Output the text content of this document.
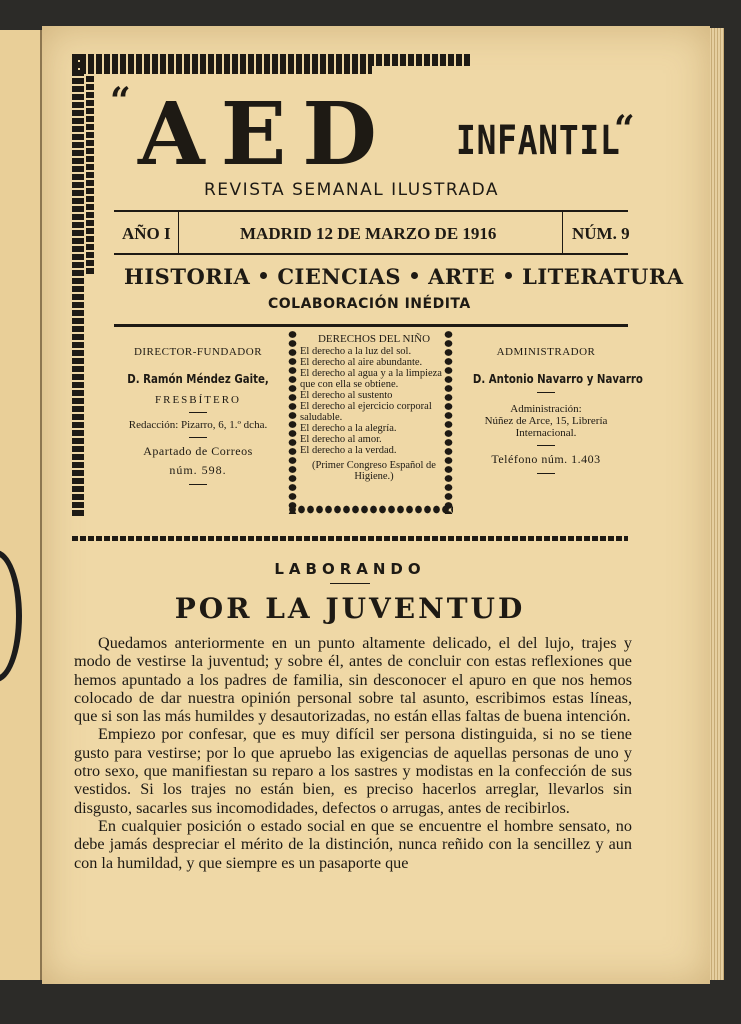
“ AED INFANTIL
“
REVISTA SEMANAL ILUSTRADA
AÑO I	MADRID 12 DE MARZO DE 1916	NÚM. 9
HISTORIA CIENCIAS ARTE LITERATURA
COLABORACIÓN INÉDITA
DIRECTOR-FUNDADOR
D. Ramón Méndez Gaite,
FRESBÍTERO
Redacción: Pizarro, 6, 1.º dcha.
Apartado de Correos
núm. 598.
DERECHOS DEL NIÑO
El derecho a la luz del sol.
El derecho al aire abundante.
El derecho al agua y a la limpieza que con ella se obtiene.
El derecho al sustento
El derecho al ejercicio corporal saludable.
El derecho a la alegría.
El derecho al amor.
El derecho a la verdad.
(Primer Congreso Español de Higiene.)
ADMINISTRADOR
D. Antonio Navarro y Navarro
Administración:
Núñez de Arce, 15, Librería Internacional.
Teléfono núm. 1.403
LABORANDO
POR LA JUVENTUD

Quedamos anteriormente en un punto altamente delicado, el del lujo, trajes y modo de vestirse la juventud; y sobre él, antes de concluir con estas reflexiones que hemos apuntado a los padres de familia, sin desconocer el apuro en que nos hemos colocado de dar nuestra opinión personal sobre tal asunto, escribimos estas líneas, que si son las más humildes y desautorizadas, no están ellas faltas de buena intención.

Empiezo por confesar, que es muy difícil ser persona distinguida, si no se tiene gusto para vestirse; por lo que apruebo las exigencias de aquellas personas de uno y otro sexo, que manifiestan su reparo a los sastres y modistas en la confección de sus vestidos. Si los trajes no están bien, es preciso hacerlos arreglar, llevarlos sin disgusto, sacarles sus incomodidades, defectos o arrugas, antes de recibirlos.

En cualquier posición o estado social en que se encuentre el hombre sensato, no debe jamás despreciar el mérito de la distinción, nunca reñido con la sencillez y aun con la humildad, y que siempre es un pasaporte que
